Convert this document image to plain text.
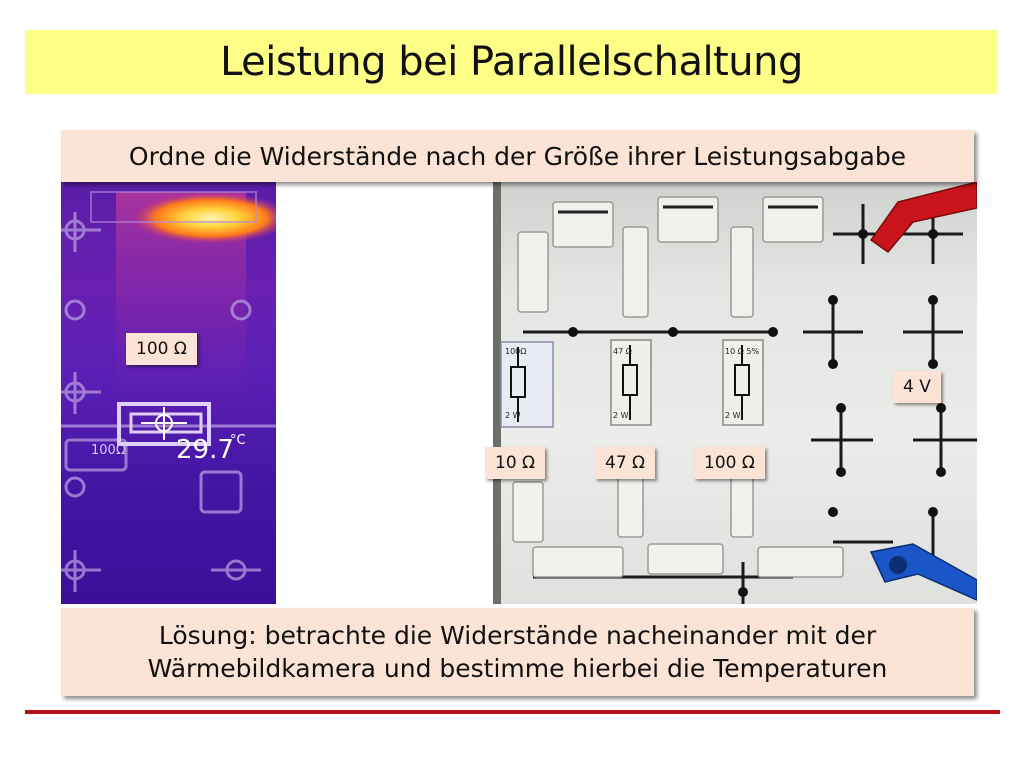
Leistung bei Parallelschaltung
Ordne die Widerstände nach der Größe ihrer Leistungsabgabe
100Ω 29.7
°C
100 Ω	100Ω	47 Ω	10 Ω 5%
2 W	2 W	2 W
10 Ω	47 Ω	100 Ω
4 V
Lösung: betrachte die Widerstände nacheinander mit der
Wärmebildkamera und bestimme hierbei die Temperaturen
